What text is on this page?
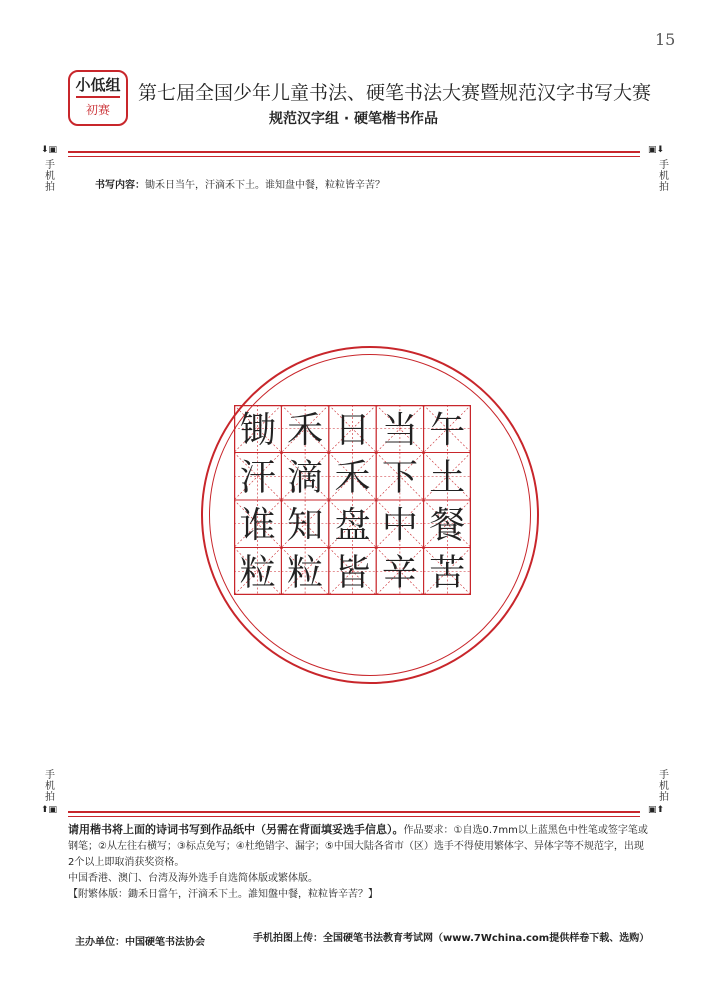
15
小低组
初赛
第七届全国少年儿童书法、硬笔书法大赛暨规范汉字书写大赛
规范汉字组 · 硬笔楷书作品
⬇▣
手机拍
▣⬇
手机拍
书写内容：锄禾日当午，汗滴禾下土。谁知盘中餐，粒粒皆辛苦？
锄 禾 日 当 午
汗 滴 禾 下 土
谁 知 盘 中 餐
粒 粒 皆 辛 苦
手机拍
⬆▣
手机拍
▣⬆
请用楷书将上面的诗词书写到作品纸中（另需在背面填妥选手信息）。作品要求：①自选0.7mm以上蓝黑色中性笔或签字笔或钢笔；②从左往右横写；③标点免写；④杜绝错字、漏字；⑤中国大陆各省市（区）选手不得使用繁体字、异体字等不规范字，出现2个以上即取消获奖资格。
中国香港、澳门、台湾及海外选手自选简体版或繁体版。
【附繁体版：鋤禾日當午，汗滴禾下土。誰知盤中餐，粒粒皆辛苦？】
主办单位：中国硬笔书法协会	手机拍图上传：全国硬笔书法教育考试网（www.7Wchina.com提供样卷下载、选购）
